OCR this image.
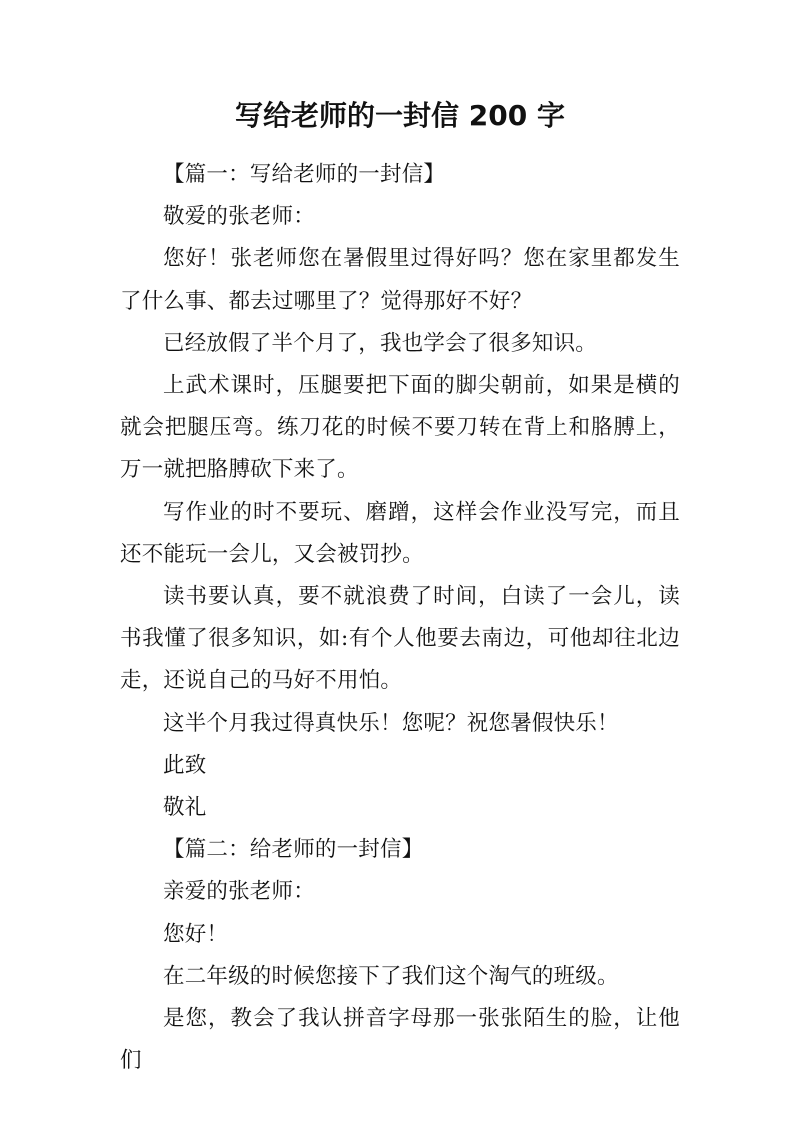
写给老师的一封信 200 字

【篇一：写给老师的一封信】

敬爱的张老师：

您好！张老师您在暑假里过得好吗？您在家里都发生了什么事、都去过哪里了？觉得那好不好？

已经放假了半个月了，我也学会了很多知识。

上武术课时，压腿要把下面的脚尖朝前，如果是横的就会把腿压弯。练刀花的时候不要刀转在背上和胳膊上，万一就把胳膊砍下来了。

写作业的时不要玩、磨蹭，这样会作业没写完，而且还不能玩一会儿，又会被罚抄。

读书要认真，要不就浪费了时间，白读了一会儿，读书我懂了很多知识，如:有个人他要去南边，可他却往北边走，还说自己的马好不用怕。

这半个月我过得真快乐！您呢？祝您暑假快乐！

此致

敬礼

【篇二：给老师的一封信】

亲爱的张老师：

您好！

在二年级的时候您接下了我们这个淘气的班级。

是您，教会了我认拼音字母那一张张陌生的脸，让他们
